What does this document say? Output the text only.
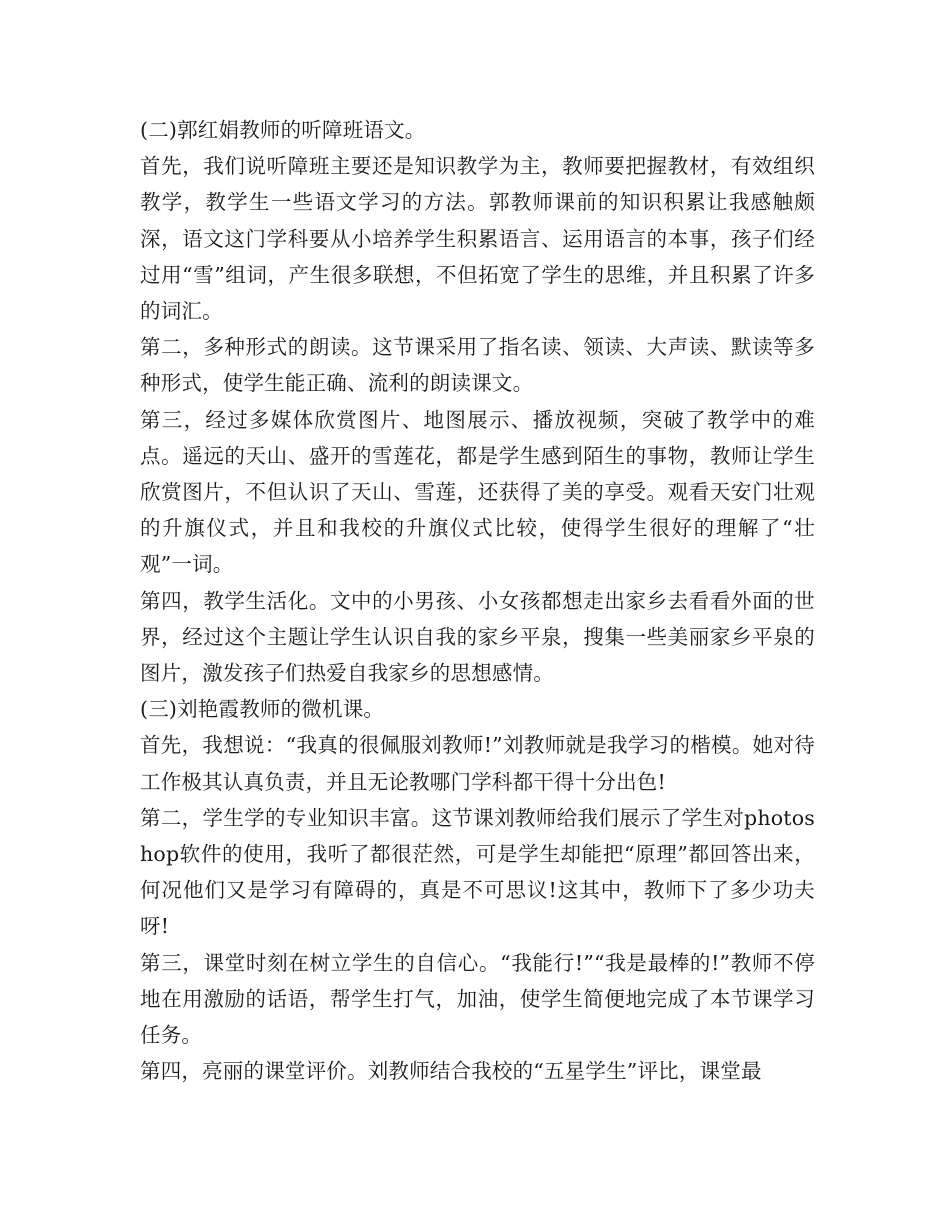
(二)郭红娟教师的听障班语文。

首先，我们说听障班主要还是知识教学为主，教师要把握教材，有效组织教学，教学生一些语文学习的方法。郭教师课前的知识积累让我感触颇深，语文这门学科要从小培养学生积累语言、运用语言的本事，孩子们经过用“雪”组词，产生很多联想，不但拓宽了学生的思维，并且积累了许多的词汇。

第二，多种形式的朗读。这节课采用了指名读、领读、大声读、默读等多种形式，使学生能正确、流利的朗读课文。

第三，经过多媒体欣赏图片、地图展示、播放视频，突破了教学中的难点。遥远的天山、盛开的雪莲花，都是学生感到陌生的事物，教师让学生欣赏图片，不但认识了天山、雪莲，还获得了美的享受。观看天安门壮观的升旗仪式，并且和我校的升旗仪式比较，使得学生很好的理解了“壮观”一词。

第四，教学生活化。文中的小男孩、小女孩都想走出家乡去看看外面的世界，经过这个主题让学生认识自我的家乡平泉，搜集一些美丽家乡平泉的图片，激发孩子们热爱自我家乡的思想感情。

(三)刘艳霞教师的微机课。

首先，我想说：“我真的很佩服刘教师!”刘教师就是我学习的楷模。她对待工作极其认真负责，并且无论教哪门学科都干得十分出色!

第二，学生学的专业知识丰富。这节课刘教师给我们展示了学生对photoshop软件的使用，我听了都很茫然，可是学生却能把“原理”都回答出来，何况他们又是学习有障碍的，真是不可思议!这其中，教师下了多少功夫呀!

第三，课堂时刻在树立学生的自信心。“我能行!”“我是最棒的!”教师不停地在用激励的话语，帮学生打气，加油，使学生简便地完成了本节课学习任务。

第四，亮丽的课堂评价。刘教师结合我校的“五星学生”评比，课堂最
